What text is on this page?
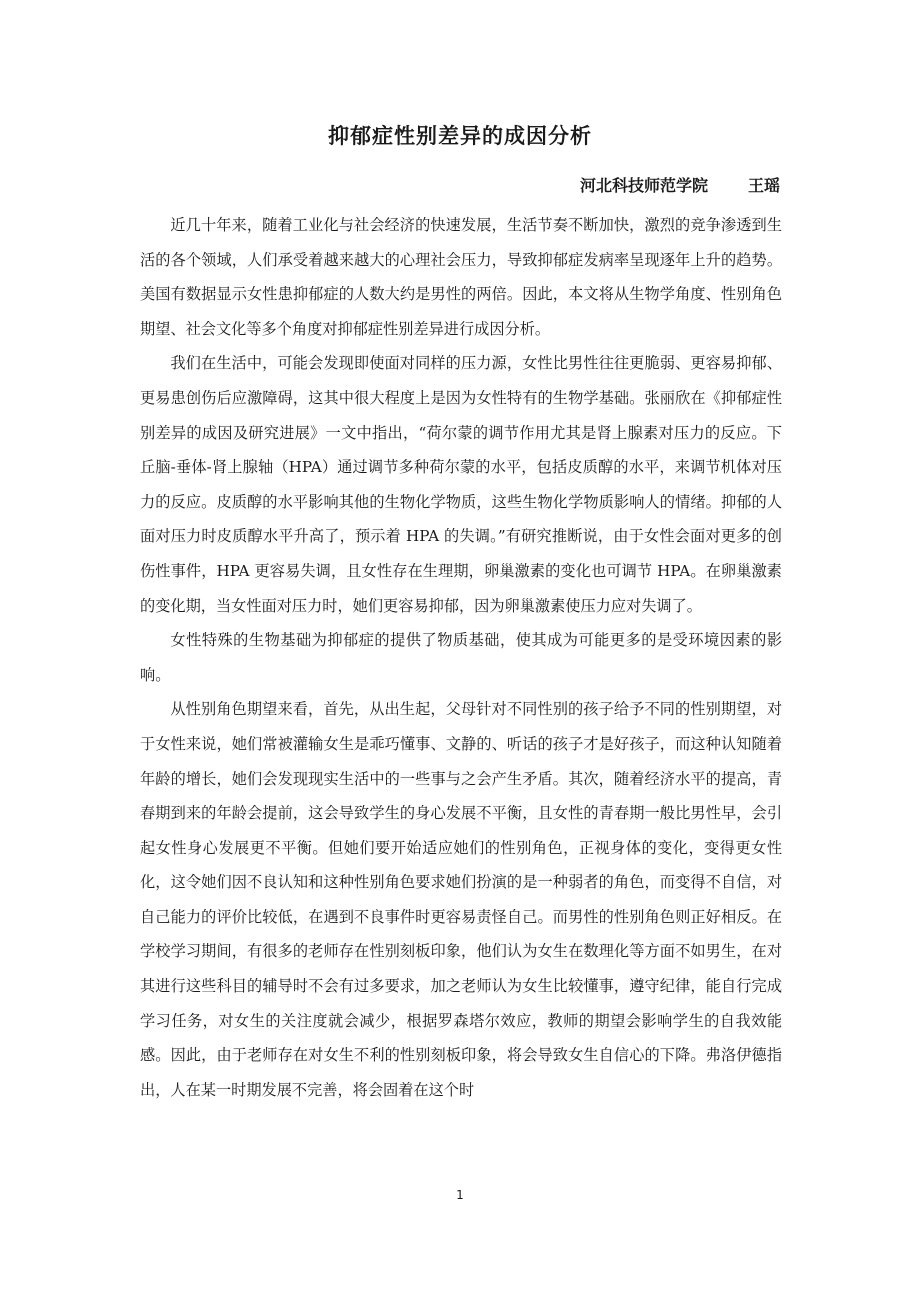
抑郁症性别差异的成因分析
河北科技师范学院	王瑶

近几十年来，随着工业化与社会经济的快速发展，生活节奏不断加快，激烈的竞争渗透到生活的各个领域，人们承受着越来越大的心理社会压力，导致抑郁症发病率呈现逐年上升的趋势。美国有数据显示女性患抑郁症的人数大约是男性的两倍。因此，本文将从生物学角度、性别角色期望、社会文化等多个角度对抑郁症性别差异进行成因分析。

我们在生活中，可能会发现即使面对同样的压力源，女性比男性往往更脆弱、更容易抑郁、更易患创伤后应激障碍，这其中很大程度上是因为女性特有的生物学基础。张丽欣在《抑郁症性别差异的成因及研究进展》一文中指出，“荷尔蒙的调节作用尤其是肾上腺素对压力的反应。下丘脑-垂体-肾上腺轴（HPA）通过调节多种荷尔蒙的水平，包括皮质醇的水平，来调节机体对压力的反应。皮质醇的水平影响其他的生物化学物质，这些生物化学物质影响人的情绪。抑郁的人面对压力时皮质醇水平升高了，预示着 HPA 的失调。”有研究推断说，由于女性会面对更多的创伤性事件，HPA 更容易失调，且女性存在生理期，卵巢激素的变化也可调节 HPA。在卵巢激素的变化期，当女性面对压力时，她们更容易抑郁，因为卵巢激素使压力应对失调了。

女性特殊的生物基础为抑郁症的提供了物质基础，使其成为可能更多的是受环境因素的影响。

从性别角色期望来看，首先，从出生起，父母针对不同性别的孩子给予不同的性别期望，对于女性来说，她们常被灌输女生是乖巧懂事、文静的、听话的孩子才是好孩子，而这种认知随着年龄的增长，她们会发现现实生活中的一些事与之会产生矛盾。其次，随着经济水平的提高，青春期到来的年龄会提前，这会导致学生的身心发展不平衡，且女性的青春期一般比男性早，会引起女性身心发展更不平衡。但她们要开始适应她们的性别角色，正视身体的变化，变得更女性化，这令她们因不良认知和这种性别角色要求她们扮演的是一种弱者的角色，而变得不自信，对自己能力的评价比较低，在遇到不良事件时更容易责怪自己。而男性的性别角色则正好相反。在学校学习期间，有很多的老师存在性别刻板印象，他们认为女生在数理化等方面不如男生，在对其进行这些科目的辅导时不会有过多要求，加之老师认为女生比较懂事，遵守纪律，能自行完成学习任务，对女生的关注度就会减少，根据罗森塔尔效应，教师的期望会影响学生的自我效能感。因此，由于老师存在对女生不利的性别刻板印象，将会导致女生自信心的下降。弗洛伊德指出，人在某一时期发展不完善，将会固着在这个时

1
